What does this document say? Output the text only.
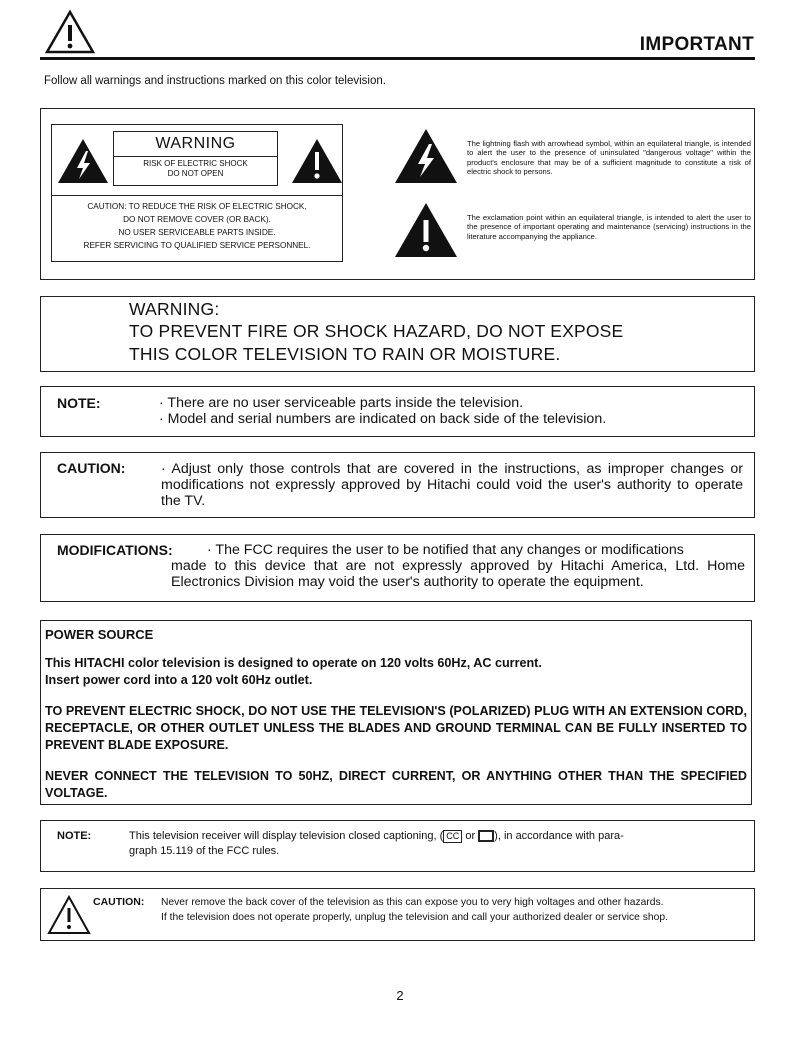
IMPORTANT
Follow all warnings and instructions marked on this color television.
WARNING
RISK OF ELECTRIC SHOCK
DO NOT OPEN
CAUTION: TO REDUCE THE RISK OF ELECTRIC SHOCK,
DO NOT REMOVE COVER (OR BACK).
NO USER SERVICEABLE PARTS INSIDE.
REFER SERVICING TO QUALIFIED SERVICE PERSONNEL.
The lightning flash with arrowhead symbol, within an equilateral triangle, is intended to alert the user to the presence of uninsulated "dangerous voltage" within the product's enclosure that may be of a sufficient magnitude to constitute a risk of electric shock to persons.
The exclamation point within an equilateral triangle, is intended to alert the user to the presence of important operating and maintenance (servicing) instructions in the literature accompanying the appliance.
WARNING:
TO PREVENT FIRE OR SHOCK HAZARD, DO NOT EXPOSE
THIS COLOR TELEVISION TO RAIN OR MOISTURE.
NOTE:	· There are no user serviceable parts inside the television.
· Model and serial numbers are indicated on back side of the television.
CAUTION:	· Adjust only those controls that are covered in the instructions, as improper changes or modifications not expressly approved by Hitachi could void the user's authority to operate the TV.
MODIFICATIONS: · The FCC requires the user to be notified that any changes or modifications
made to this device that are not expressly approved by Hitachi America, Ltd. Home Electronics Division may void the user's authority to operate the equipment.
POWER SOURCE
This HITACHI color television is designed to operate on 120 volts 60Hz, AC current.
Insert power cord into a 120 volt 60Hz outlet.
TO PREVENT ELECTRIC SHOCK, DO NOT USE THE TELEVISION'S (POLARIZED) PLUG WITH AN EXTENSION CORD, RECEPTACLE, OR OTHER OUTLET UNLESS THE BLADES AND GROUND TERMINAL CAN BE FULLY INSERTED TO PREVENT BLADE EXPOSURE.
NEVER CONNECT THE TELEVISION TO 50HZ, DIRECT CURRENT, OR ANYTHING OTHER THAN THE SPECIFIED VOLTAGE.
NOTE:	This television receiver will display television closed captioning, ( CC or ), in accordance with para-
graph 15.119 of the FCC rules.
CAUTION: Never remove the back cover of the television as this can expose you to very high voltages and other hazards.
If the television does not operate properly, unplug the television and call your authorized dealer or service shop.
2
